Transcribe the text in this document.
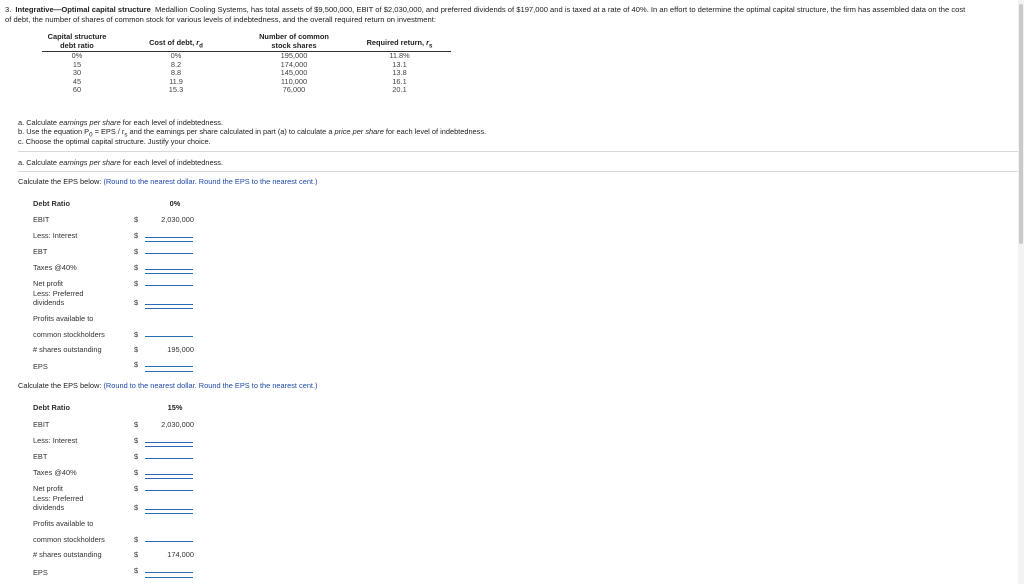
3. Integrative—Optimal capital structure Medallion Cooling Systems, has total assets of $9,500,000, EBIT of $2,030,000, and preferred dividends of $197,000 and is taxed at a rate of 40%. In an effort to determine the optimal capital structure, the firm has assembled data on the cost
of debt, the number of shares of common stock for various levels of indebtedness, and the overall required return on investment:
Capital structure
debt ratio	Cost of debt, $r_d$	Number of common
stock shares	Required return, $r_s$
0%	0%	195,000	11.8%
15	8.2	174,000	13.1
30	8.8	145,000	13.8
45	11.9	110,000	16.1
60	15.3	76,000	20.1
a. Calculate earnings per share for each level of indebtedness.
b. Use the equation $P_0$ = EPS / $r_s$ and the earnings per share calculated in part (a) to calculate a price per share for each level of indebtedness.
c. Choose the optimal capital structure. Justify your choice.
a. Calculate earnings per share for each level of indebtedness.
Calculate the EPS below: (Round to the nearest dollar. Round the EPS to the nearest cent.)
Debt Ratio	0%
EBIT	$	2,030,000
Less: Interest	$
EBT	$
Taxes @40%	$
Net profit	$
Less: Preferred
dividends	$
Profits available to
common stockholders	$
# shares outstanding	$	195,000
EPS	$
Calculate the EPS below: (Round to the nearest dollar. Round the EPS to the nearest cent.)
Debt Ratio	15%
EBIT	$	2,030,000
Less: Interest	$
EBT	$
Taxes @40%	$
Net profit	$
Less: Preferred
dividends	$
Profits available to
common stockholders	$
# shares outstanding	$	174,000
EPS	$
